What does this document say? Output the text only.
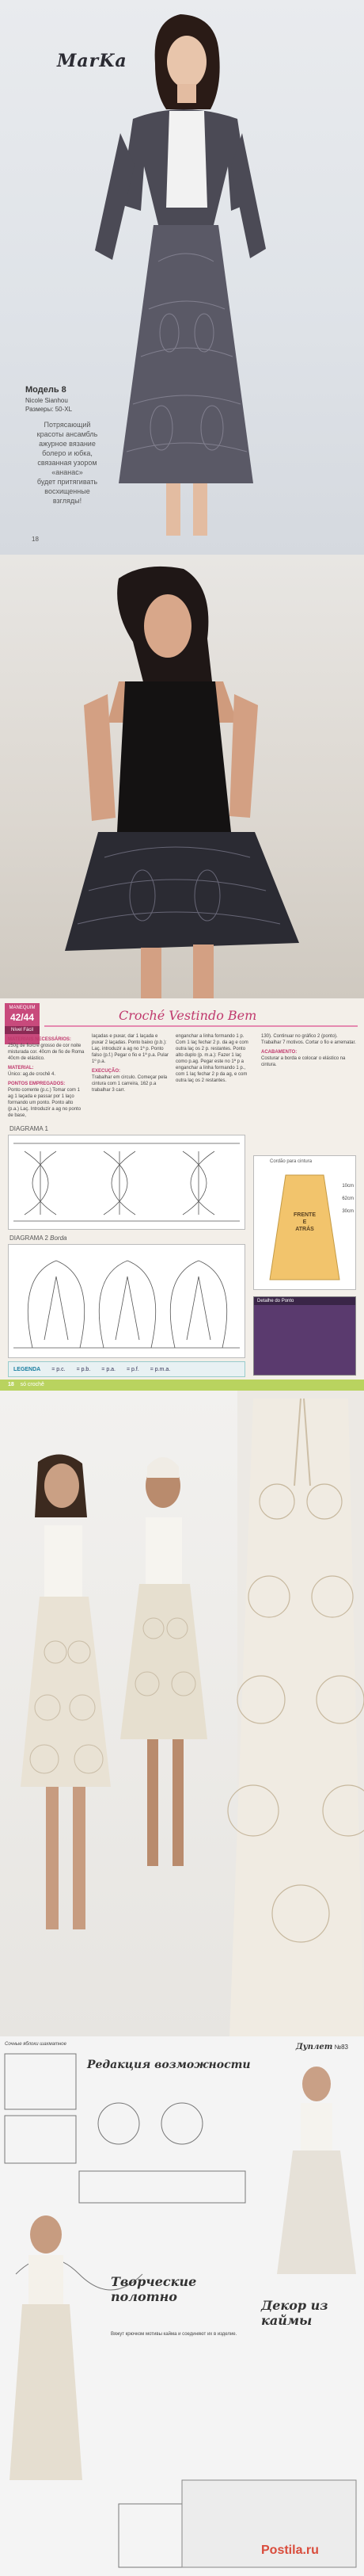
MarKa
Модель 8
Nicole Sianhou
Размеры: 50-XL
Потрясающий
красоты ансамбль
ажурное вязание
болеро и юбка,
связанная узором
«ананас»
будет притягивать
восхищенные
взгляды!
18
MANEQUIM
42/44
Nível Fácil
Croché Vestindo Bem
MATERIAIS NECESSÁRIOS:
250g de fio/cré grosso de cor noite misturada cor. 40cm de fio de Roma 40cm de elástico.
MATERIAL:
Único: ag.de crochê 4.
PONTOS EMPREGADOS:
Ponto corrente (p.c.) Tomar com 1 ag 1 laçada e passar por 1 laço formando um ponto. Ponto alto (p.a.) Laç. Introduzir a ag no ponto de base,
laçadas e puxar, dar 1 laçada e puxar 2 laçadas. Ponto baixo (p.b.): Laç. introduzir a ag no 1ª p. Ponto falso (p.f.) Pegar o fio e 1ª p.a. Pular 1º p.a.
EXECUÇÃO:
Trabalhar em circulo. Começar pela cintura com 1 carreira, 162 p.a trabalhar 3 carr.
enganchar a linha formando 1 p. Com 1 laç fechar 2 p. da ag e com outra laç os 2 p. restantes. Ponto alto duplo (p. m.a.): Fazer 1 laç como p.ag. Pegar este no 1ª p a enganchar a linha formando 1 p., com 1 laç fechar 2 p da ag, e com outra laç os 2 restantes.
130). Continuar no gráfico 2 (ponto). Trabalhar 7 motivos. Cortar o fio e arrematar.
ACABAMENTO:
Costurar a borda e colocar o elástico na cintura.
DIAGRAMA 1
DIAGRAMA 2 Borda
Cordão para cintura
FRENTE
E
ATRÁS
10cm
62cm
30cm
Detalhe do Ponto
LEGENDA = p.c. = p.b. = p.a. = p.f. = p.m.a.
18 só crochê
Сочные яблоки шахматное	Дуплет №83
Редакция возможности
Творческие полотно
Декор из каймы
Вяжут крючком мотивы кайма и соединяют их в изделие.
Postila.ru
